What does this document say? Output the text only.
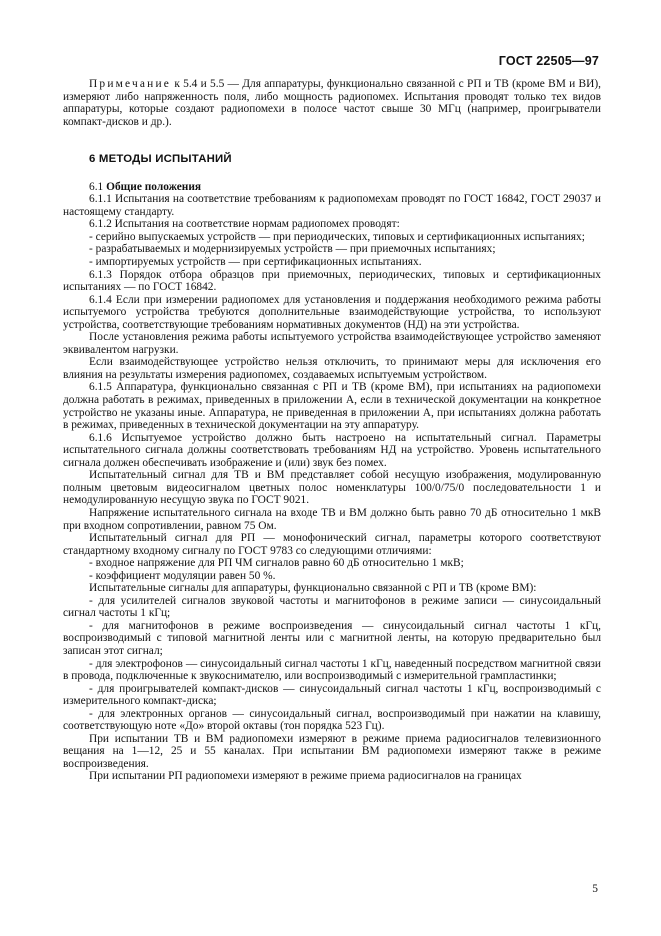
ГОСТ 22505—97

Примечание к 5.4 и 5.5 — Для аппаратуры, функционально связанной с РП и ТВ (кроме ВМ и ВИ), измеряют либо напряженность поля, либо мощность радиопомех. Испытания проводят только тех видов аппаратуры, которые создают радиопомехи в полосе частот свыше 30 МГц (например, проигрыватели компакт-дисков и др.).

6 МЕТОДЫ ИСПЫТАНИЙ

6.1 Общие положения

6.1.1 Испытания на соответствие требованиям к радиопомехам проводят по ГОСТ 16842, ГОСТ 29037 и настоящему стандарту.

6.1.2 Испытания на соответствие нормам радиопомех проводят:

- серийно выпускаемых устройств — при периодических, типовых и сертификационных испытаниях;

- разрабатываемых и модернизируемых устройств — при приемочных испытаниях;

- импортируемых устройств — при сертификационных испытаниях.

6.1.3 Порядок отбора образцов при приемочных, периодических, типовых и сертификационных испытаниях — по ГОСТ 16842.

6.1.4 Если при измерении радиопомех для установления и поддержания необходимого режима работы испытуемого устройства требуются дополнительные взаимодействующие устройства, то используют устройства, соответствующие требованиям нормативных документов (НД) на эти устройства.

После установления режима работы испытуемого устройства взаимодействующее устройство заменяют эквивалентом нагрузки.

Если взаимодействующее устройство нельзя отключить, то принимают меры для исключения его влияния на результаты измерения радиопомех, создаваемых испытуемым устройством.

6.1.5 Аппаратура, функционально связанная с РП и ТВ (кроме ВМ), при испытаниях на радиопомехи должна работать в режимах, приведенных в приложении А, если в технической документации на конкретное устройство не указаны иные. Аппаратура, не приведенная в приложении А, при испытаниях должна работать в режимах, приведенных в технической документации на эту аппаратуру.

6.1.6 Испытуемое устройство должно быть настроено на испытательный сигнал. Параметры испытательного сигнала должны соответствовать требованиям НД на устройство. Уровень испытательного сигнала должен обеспечивать изображение и (или) звук без помех.

Испытательный сигнал для ТВ и ВМ представляет собой несущую изображения, модулированную полным цветовым видеосигналом цветных полос номенклатуры 100/0/75/0 последовательности 1 и немодулированную несущую звука по ГОСТ 9021.

Напряжение испытательного сигнала на входе ТВ и ВМ должно быть равно 70 дБ относительно 1 мкВ при входном сопротивлении, равном 75 Ом.

Испытательный сигнал для РП — монофонический сигнал, параметры которого соответствуют стандартному входному сигналу по ГОСТ 9783 со следующими отличиями:

- входное напряжение для РП ЧМ сигналов равно 60 дБ относительно 1 мкВ;

- коэффициент модуляции равен 50 %.

Испытательные сигналы для аппаратуры, функционально связанной с РП и ТВ (кроме ВМ):

- для усилителей сигналов звуковой частоты и магнитофонов в режиме записи — синусоидальный сигнал частоты 1 кГц;

- для магнитофонов в режиме воспроизведения — синусоидальный сигнал частоты 1 кГц, воспроизводимый с типовой магнитной ленты или с магнитной ленты, на которую предварительно был записан этот сигнал;

- для электрофонов — синусоидальный сигнал частоты 1 кГц, наведенный посредством магнитной связи в провода, подключенные к звукоснимателю, или воспроизводимый с измерительной грампластинки;

- для проигрывателей компакт-дисков — синусоидальный сигнал частоты 1 кГц, воспроизводимый с измерительного компакт-диска;

- для электронных органов — синусоидальный сигнал, воспроизводимый при нажатии на клавишу, соответствующую ноте «До» второй октавы (тон порядка 523 Гц).

При испытании ТВ и ВМ радиопомехи измеряют в режиме приема радиосигналов телевизионного вещания на 1—12, 25 и 55 каналах. При испытании ВМ радиопомехи измеряют также в режиме воспроизведения.

При испытании РП радиопомехи измеряют в режиме приема радиосигналов на границах

5
